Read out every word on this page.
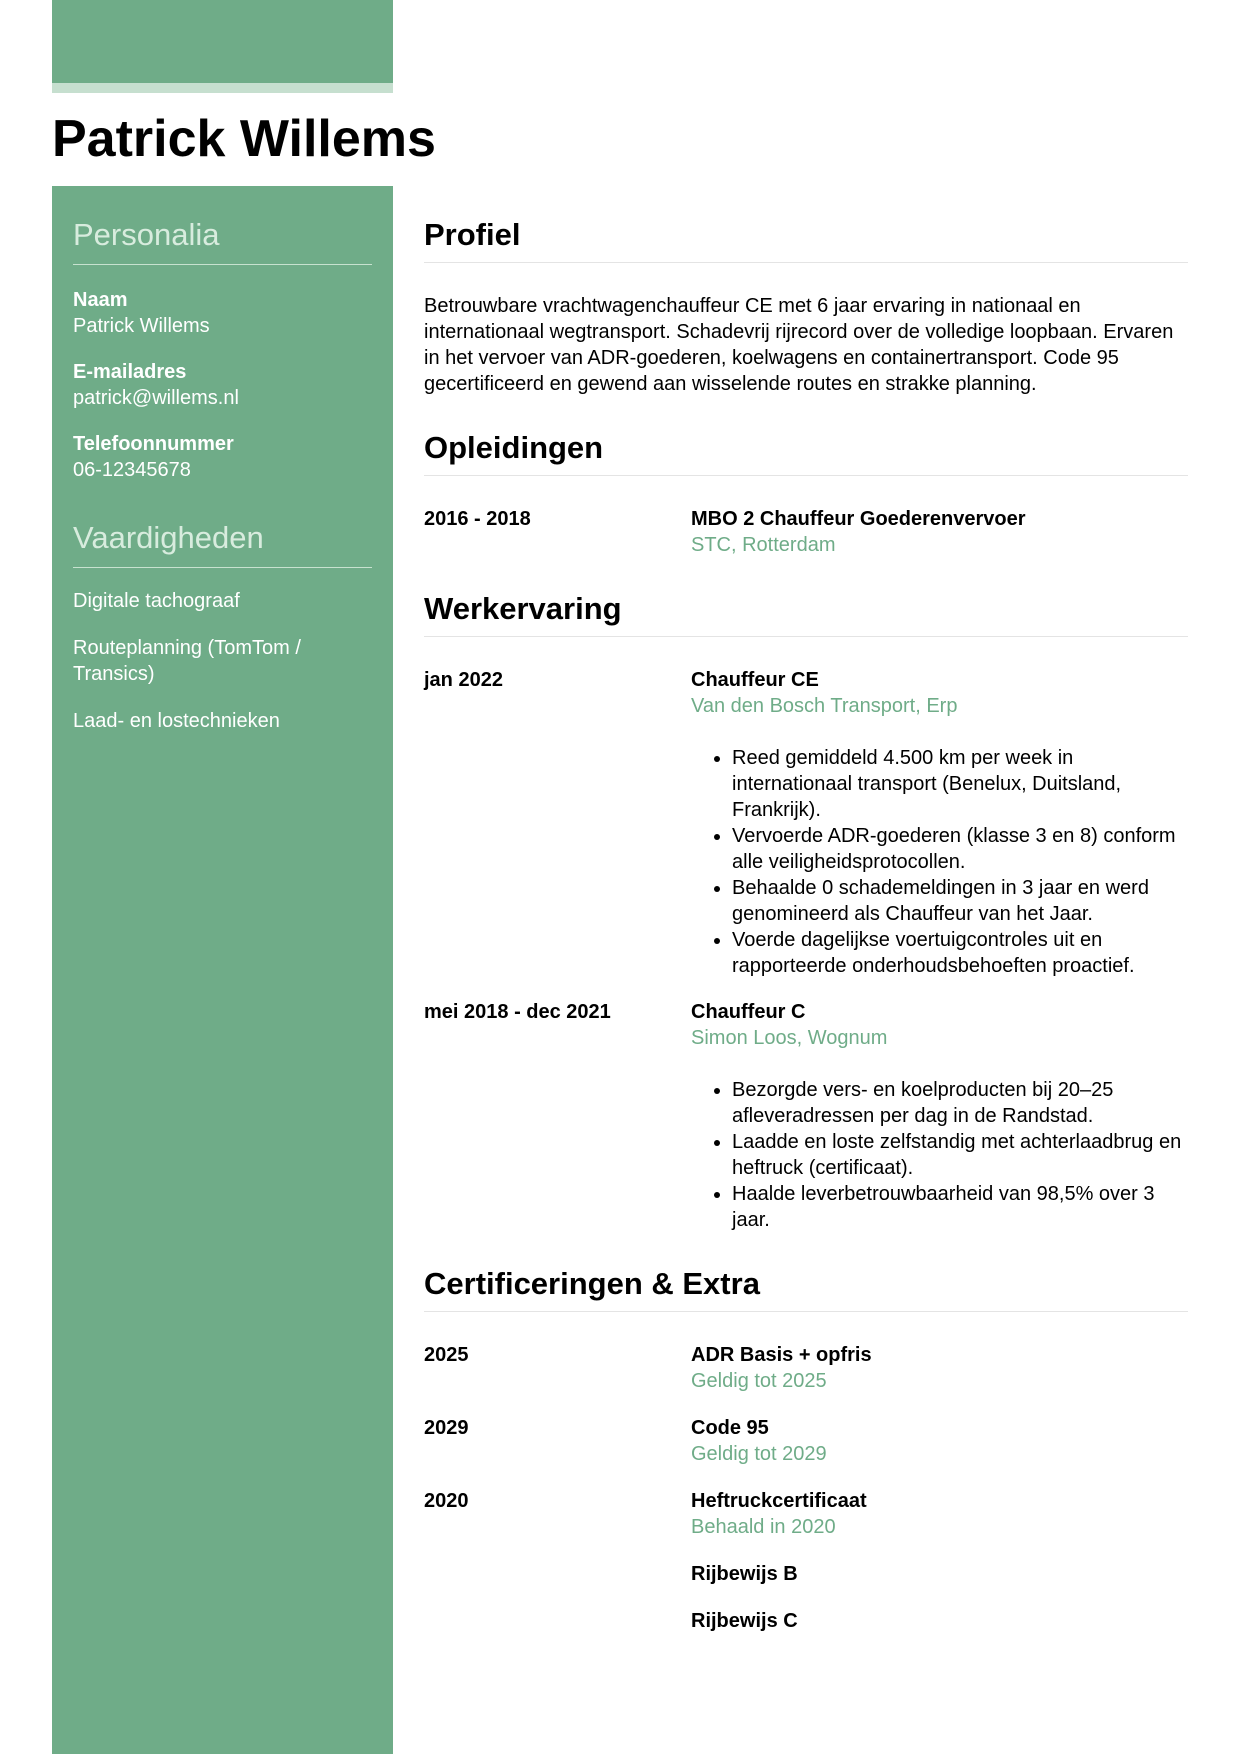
Patrick Willems
Personalia
Naam
Patrick Willems
E-mailadres
patrick@willems.nl
Telefoonnummer
06-12345678
Vaardigheden
Digitale tachograaf
Routeplanning (TomTom / Transics)
Laad- en lostechnieken
Profiel
Betrouwbare vrachtwagenchauffeur CE met 6 jaar ervaring in nationaal en internationaal wegtransport. Schadevrij rijrecord over de volledige loopbaan. Ervaren in het vervoer van ADR-goederen, koelwagens en containertransport. Code 95 gecertificeerd en gewend aan wisselende routes en strakke planning.
Opleidingen
2016 - 2018	MBO 2 Chauffeur Goederenvervoer
STC, Rotterdam
Werkervaring
jan 2022	Chauffeur CE
Van den Bosch Transport, Erp
• Reed gemiddeld 4.500 km per week in internationaal transport (Benelux, Duitsland, Frankrijk).
• Vervoerde ADR-goederen (klasse 3 en 8) conform alle veiligheidsprotocollen.
• Behaalde 0 schademeldingen in 3 jaar en werd genomineerd als Chauffeur van het Jaar.
• Voerde dagelijkse voertuigcontroles uit en rapporteerde onderhoudsbehoeften proactief.
mei 2018 - dec 2021	Chauffeur C
Simon Loos, Wognum
• Bezorgde vers- en koelproducten bij 20–25 afleveradressen per dag in de Randstad.
• Laadde en loste zelfstandig met achterlaadbrug en heftruck (certificaat).
• Haalde leverbetrouwbaarheid van 98,5% over 3 jaar.
Certificeringen & Extra
2025	ADR Basis + opfris
Geldig tot 2025
2029	Code 95
Geldig tot 2029
2020	Heftruckcertificaat
Behaald in 2020
Rijbewijs B
Rijbewijs C
